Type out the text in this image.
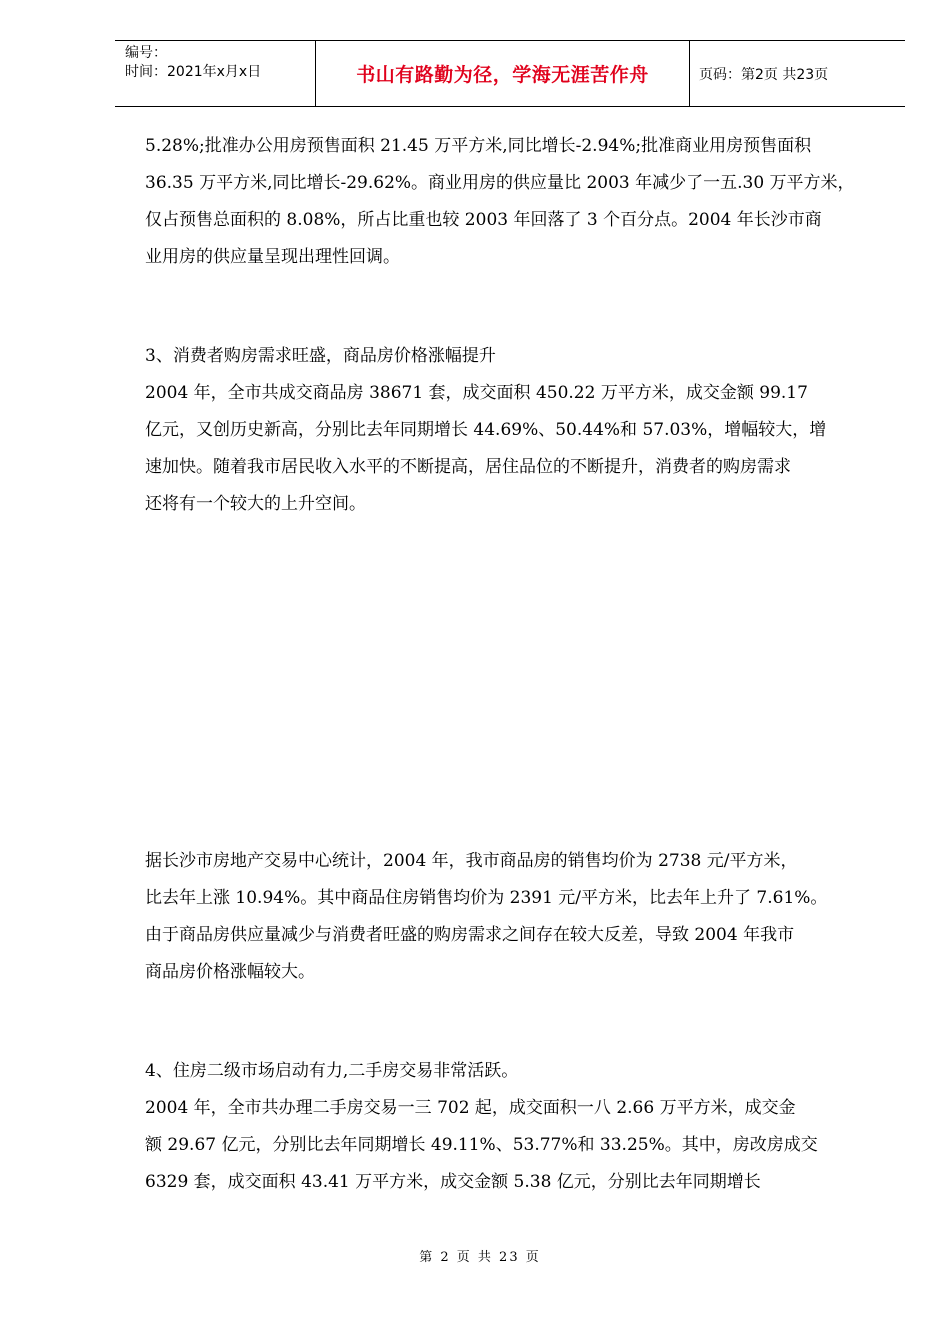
编号：
时间：2021年x月x日	书山有路勤为径，学海无涯苦作舟	页码：第2页 共23页

5.28%;批准办公用房预售面积 21.45 万平方米,同比增长-2.94%;批准商业用房预售面积

36.35 万平方米,同比增长-29.62%。商业用房的供应量比 2003 年减少了一五.30 万平方米，

仅占预售总面积的 8.08%，所占比重也较 2003 年回落了 3 个百分点。2004 年长沙市商

业用房的供应量呈现出理性回调。

3、消费者购房需求旺盛，商品房价格涨幅提升

2004 年，全市共成交商品房 38671 套，成交面积 450.22 万平方米，成交金额 99.17

亿元，又创历史新高，分别比去年同期增长 44.69%、50.44%和 57.03%，增幅较大，增

速加快。随着我市居民收入水平的不断提高，居住品位的不断提升，消费者的购房需求

还将有一个较大的上升空间。

据长沙市房地产交易中心统计，2004 年，我市商品房的销售均价为 2738 元/平方米，

比去年上涨 10.94%。其中商品住房销售均价为 2391 元/平方米，比去年上升了 7.61%。

由于商品房供应量减少与消费者旺盛的购房需求之间存在较大反差，导致 2004 年我市

商品房价格涨幅较大。

4、住房二级市场启动有力,二手房交易非常活跃。

2004 年，全市共办理二手房交易一三 702 起，成交面积一八 2.66 万平方米，成交金

额 29.67 亿元，分别比去年同期增长 49.11%、53.77%和 33.25%。其中，房改房成交

6329 套，成交面积 43.41 万平方米，成交金额 5.38 亿元，分别比去年同期增长

第 2 页 共 23 页
